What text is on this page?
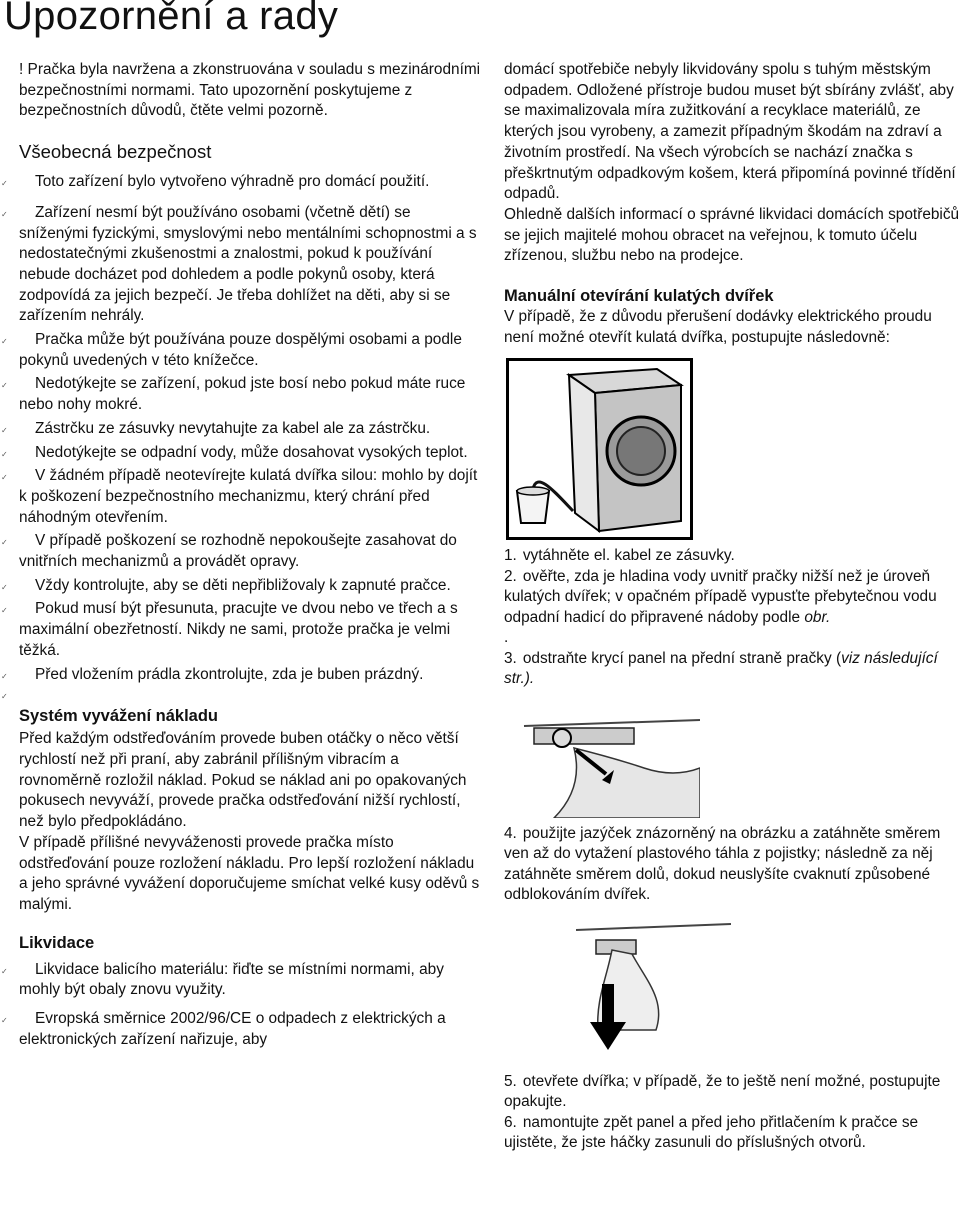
Upozornění a rady

! Pračka byla navržena a zkonstruována v souladu s mezinárodními bezpečnostními normami. Tato upozornění poskytujeme z bezpečnostních důvodů, čtěte velmi pozorně.

Všeobecná bezpečnost

✓ Toto zařízení bylo vytvořeno výhradně pro domácí použití.

✓ Zařízení nesmí být používáno osobami (včetně dětí) se sníženými fyzickými, smyslovými nebo mentálními schopnostmi a s nedostatečnými zkušenostmi a znalostmi, pokud k používání nebude docházet pod dohledem a podle pokynů osoby, která zodpovídá za jejich bezpečí. Je třeba dohlížet na děti, aby si se zařízením nehrály.

✓ Pračka může být používána pouze dospělými osobami a podle pokynů uvedených v této knížečce.

✓ Nedotýkejte se zařízení, pokud jste bosí nebo pokud máte ruce nebo nohy mokré.

✓ Zástrčku ze zásuvky nevytahujte za kabel ale za zástrčku.

✓ Nedotýkejte se odpadní vody, může dosahovat vysokých teplot.

✓ V žádném případě neotevírejte kulatá dvířka silou: mohlo by dojít k poškození bezpečnostního mechanizmu, který chrání před náhodným otevřením.

✓ V případě poškození se rozhodně nepokoušejte zasahovat do vnitřních mechanizmů a provádět opravy.

✓ Vždy kontrolujte, aby se děti nepřibližovaly k zapnuté pračce.

✓ Pokud musí být přesunuta, pracujte ve dvou nebo ve třech a s maximální obezřetností. Nikdy ne sami, protože pračka je velmi těžká.

✓ Před vložením prádla zkontrolujte, zda je buben prázdný.

✓

Systém vyvážení nákladu

Před každým odstřeďováním provede buben otáčky o něco větší rychlostí než při praní, aby zabránil přílišným vibracím a rovnoměrně rozložil náklad. Pokud se náklad ani po opakovaných pokusech nevyváží, provede pračka odstřeďování nižší rychlostí, než bylo předpokládáno.

V případě přílišné nevyváženosti provede pračka místo odstřeďování pouze rozložení nákladu. Pro lepší rozložení nákladu a jeho správné vyvážení doporučujeme smíchat velké kusy oděvů s malými.

Likvidace

✓ Likvidace balicího materiálu: řiďte se místními normami, aby mohly být obaly znovu využity.

✓ Evropská směrnice 2002/96/CE o odpadech z elektrických a elektronických zařízení nařizuje, aby

domácí spotřebiče nebyly likvidovány spolu s tuhým městským odpadem. Odložené přístroje budou muset být sbírány zvlášť, aby se maximalizovala míra zužitkování a recyklace materiálů, ze kterých jsou vyrobeny, a zamezit případným škodám na zdraví a životním prostředí. Na všech výrobcích se nachází značka s přeškrtnutým odpadkovým košem, která připomíná povinné třídění odpadů.

Ohledně dalších informací o správné likvidaci domácích spotřebičů se jejich majitelé mohou obracet na veřejnou, k tomuto účelu zřízenou, službu nebo na prodejce.

Manuální otevírání kulatých dvířek

V případě, že z důvodu přerušení dodávky elektrického proudu není možné otevřít kulatá dvířka, postupujte následovně:

1. vytáhněte el. kabel ze zásuvky.

2. ověřte, zda je hladina vody uvnitř pračky nižší než je úroveň kulatých dvířek; v opačném případě vypusťte přebytečnou vodu odpadní hadicí do připravené nádoby podle obr.

.

3. odstraňte krycí panel na přední straně pračky (viz následující str.).

4. použijte jazýček znázorněný na obrázku a zatáhněte směrem ven až do vytažení plastového táhla z pojistky; následně za něj zatáhněte směrem dolů, dokud neuslyšíte cvaknutí způsobené odblokováním dvířek.

5. otevřete dvířka; v případě, že to ještě není možné, postupujte opakujte.

6. namontujte zpět panel a před jeho přitlačením k pračce se ujistěte, že jste háčky zasunuli do příslušných otvorů.
